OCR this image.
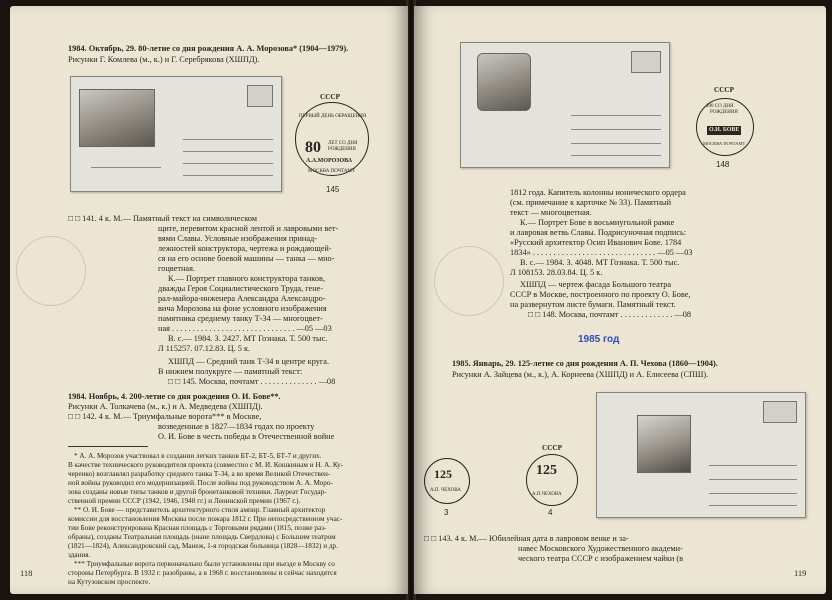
1984. Октябрь, 29. 80-летие со дня рождения А. А. Морозова* (1904—1979).
Рисунки Г. Комлева (м., к.) и Г. Серебрякова (ХШПД).
СССР
ПЕРВЫЙ ДЕНЬ ОБРАЩЕНИЯ
80 ЛЕТ СО ДНЯ
РОЖДЕНИЯ
А.А.МОРОЗОВА
МОСКВА ПОЧТАМТ
145
□ □ 141. 4 к. М.— Памятный текст на символическом
щите, перевитом красной лентой и лавровыми вет-
вями Славы. Условные изображения принад-
лежностей конструктора, чертежа и рождающей-
ся на его основе боевой машины — танка — мно-
гоцветная.
К.— Портрет главного конструктора танков,
дважды Героя Социалистического Труда, гене-
рал-майора-инженера Александра Александро-
вича Морозова на фоне условного изображения
памятника среднему танку Т-34 — многоцвет-
ная . . . . . . . . . . . . . . . . . . . . . . . . . . . . . . —05 —03
В. с.— 1984. З. 2427. МТ Гознака. Т. 500 тыс.
Л 115257. 07.12.83. Ц. 5 к.
ХШПД — Средний танк Т-34 в центре круга.
В нижнем полукруге — памятный текст:
□ □ 145. Москва, почтамт . . . . . . . . . . . . . . —08
1984. Ноябрь, 4. 200-летие со дня рождения О. И. Бове**.
Рисунки А. Толкачева (м., к.) и А. Медведева (ХШПД).
□ □ 142. 4 к. М.— Триумфальные ворота*** в Москве,
возведенные в 1827—1834 годах по проекту
О. И. Бове в честь победы в Отечественной войне
* А. А. Морозов участвовал в создании легких танков БТ-2, БТ-5, БТ-7 и других.
В качестве технического руководителя проекта (совместно с М. И. Кошкиным и Н. А. Ку-
черенко) возглавлял разработку среднего танка Т-34, а во время Великой Отечествен-
ной войны руководил его модернизацией. После войны под руководством А. А. Моро-
зова созданы новые типы танков и другой бронетанковой техники. Лауреат Государ-
ственной премии СССР (1942, 1946, 1948 гг.) и Ленинской премии (1967 г.).
** О. И. Бове — представитель архитектурного стиля ампир. Главный архитектор
комиссии для восстановления Москвы после пожара 1812 г. При непосредственном учас-
тии Бове реконструирована Красная площадь с Торговыми рядами (1815, позже раз-
обраны), созданы Театральная площадь (ныне площадь Свердлова) с Большим театром
(1821—1824), Александровский сад, Манеж, 1-я городская больница (1828—1832) и др.
здания.
*** Триумфальные ворота первоначально были установлены при въезде в Москву со
стороны Петербурга. В 1932 г. разобраны, а в 1968 г. восстановлены и сейчас находятся
на Кутузовском проспекте.
118
СССР
200 СО ДНЯ
РОЖДЕНИЯ
О.И. БОВЕ
МОСКВА ПОЧТАМТ
148
1812 года. Капитель колонны ионического ордера
(см. примечание к карточке № 33). Памятный
текст — многоцветная.
К.— Портрет Бове в восьмиугольной рамке
и лавровая ветвь Славы. Подрисуночная подпись:
«Русский архитектор Осип Иванович Бове. 1784
1834» . . . . . . . . . . . . . . . . . . . . . . . . . . . . . . —05 —03
В. с.— 1984. З. 4048. МТ Гознака. Т. 500 тыс.
Л 108153. 28.03.84. Ц. 5 к.
ХШПД — чертеж фасада Большого театра
СССР в Москве, построенного по проекту О. Бове,
на развернутом листе бумаги. Памятный текст.
□ □ 148. Москва, почтамт . . . . . . . . . . . . . —08
1985 год
1985. Январь, 29. 125-летие со дня рождения А. П. Чехова (1860—1904).
Рисунки А. Зайцева (м., к.), А. Корнеева (ХШПД) и А. Елисеева (СПШ).
125
А.П. ЧЕХОВА
3
СССР
125
А.П.ЧЕХОВА
4
□ □ 143. 4 к. М.— Юбилейная дата в лавровом венке и за-
навес Московского Художественного академи-
ческого театра СССР с изображением чайки (в
119
